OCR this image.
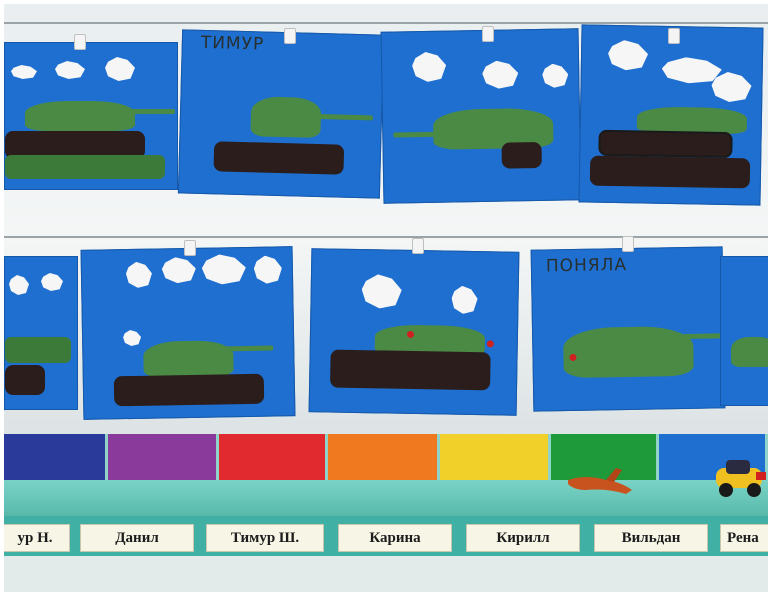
ТИМУР
ПОНЯЛА
ур Н.	Данил	Тимур Ш.	Карина	Кирилл	Вильдан	Рена
